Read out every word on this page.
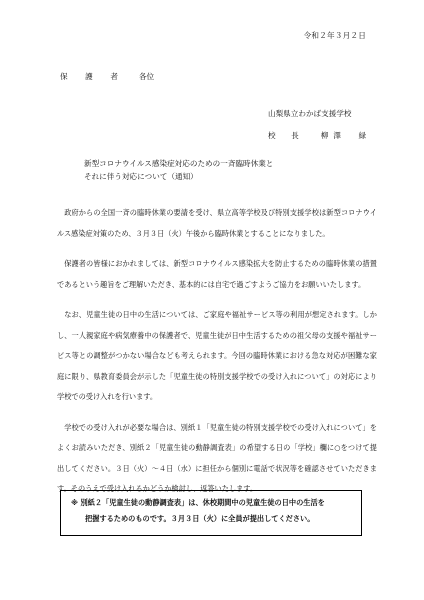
令和２年３月２日
保　護　者 各位
山梨県立わかば支援学校
校　長 柳澤　緑
新型コロナウイルス感染症対応のための一斉臨時休業と
それに伴う対応について（通知）

政府からの全国一斉の臨時休業の要請を受け、県立高等学校及び特別支援学校は新型コロナウイルス感染症対策のため、３月３日（火）午後から臨時休業とすることになりました。

保護者の皆様におかれましては、新型コロナウイルス感染拡大を防止するための臨時休業の措置であるという趣旨をご理解いただき、基本的には自宅で過ごすようご協力をお願いいたします。

なお、児童生徒の日中の生活については、ご家庭や福祉サービス等の利用が想定されます。しかし、一人親家庭や病気療養中の保護者で、児童生徒が日中生活するための祖父母の支援や福祉サービス等との調整がつかない場合なども考えられます。今回の臨時休業における急な対応が困難な家庭に限り、県教育委員会が示した「児童生徒の特別支援学校での受け入れについて」の対応により学校での受け入れを行います。

学校での受け入れが必要な場合は、別紙１「児童生徒の特別支援学校での受け入れについて」をよくお読みいただき、別紙２「児童生徒の動静調査表」の希望する日の「学校」欄に○をつけて提出してください。３日（火）～４日（水）に担任から個別に電話で状況等を確認させていただきます。そのうえで受け入れるかどうか検討し、返答いたします。

※ 別紙２「児童生徒の動静調査表」は、休校期間中の児童生徒の日中の生活を
把握するためのものです。３月３日（火）に全員が提出してください。
